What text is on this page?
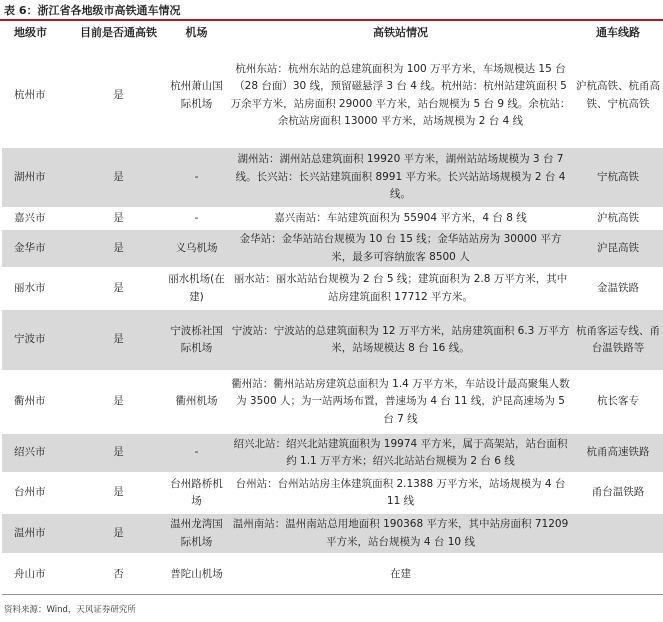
表 6：浙江省各地级市高铁通车情况
地级市	目前是否通高铁	机场	高铁站情况	通车线路
杭州市	是	杭州萧山国际机场	杭州东站：杭州东站的总建筑面积为 100 万平方米，车场规模达 15 台（28 台面）30 线，预留磁悬浮 3 台 4 线。杭州站：杭州站建筑面积 5 万余平方米，站房面积 29000 平方米，站台规模为 5 台 9 线。余杭站：余杭站房面积 13000 平方米，站场规模为 2 台 4 线	沪杭高铁、杭甬高铁、宁杭高铁
湖州市	是	-	湖州站：湖州站总建筑面积 19920 平方米，湖州站站场规模为 3 台 7 线。长兴站：长兴站建筑面积 8991 平方米。长兴站站场规模为 2 台 4 线。	宁杭高铁
嘉兴市	是	-	嘉兴南站：车站建筑面积为 55904 平方米，4 台 8 线	沪杭高铁
金华市	是	义乌机场	金华站：金华站站台规模为 10 台 15 线；金华站站房为 30000 平方米，最多可容纳旅客 8500 人	沪昆高铁
丽水市	是	丽水机场(在建)	丽水站：丽水站站台规模为 2 台 5 线；建筑面积为 2.8 万平方米，其中站房建筑面积 17712 平方米。	金温铁路
宁波市	是	宁波栎社国际机场	宁波站：宁波站的总建筑面积为 12 万平方米，站房建筑面积 6.3 万平方米，站场规模达 8 台 16 线。	杭甬客运专线、甬台温铁路等
衢州市	是	衢州机场	衢州站：衢州站站房建筑总面积为 1.4 万平方米，车站设计最高聚集人数为 3500 人；为一站两场布置，普速场为 4 台 11 线，沪昆高速场为 5 台 7 线	杭长客专
绍兴市	是	-	绍兴北站：绍兴北站建筑面积为 19974 平方米，属于高架站，站台面积约 1.1 万平方米；绍兴北站站台规模为 2 台 6 线	杭甬高速铁路
台州市	是	台州路桥机场	台州站：台州站站房主体建筑面积 2.1388 万平方米，站场规模为 4 台 11 线	甬台温铁路
温州市	是	温州龙湾国际机场	温州南站：温州南站总用地面积 190368 平方米，其中站房面积 71209 平方米，站台规模为 4 台 10 线	
舟山市	否	普陀山机场	在建	
资料来源：Wind，天风证券研究所
